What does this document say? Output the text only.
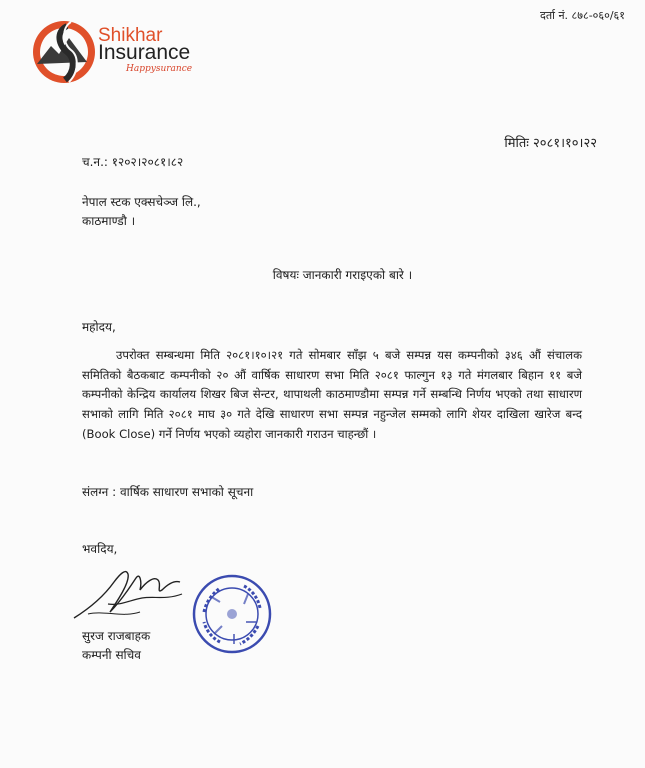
दर्ता नं. ८७८-०६०/६१
Shikhar
Insurance
Happysurance
मितिः २०८१।१०।२२
च.न.: १२०२।२०८१।८२
नेपाल स्टक एक्सचेञ्ज लि.,
काठमाण्डौ ।
विषयः जानकारी गराइएको बारे ।
महोदय,
उपरोक्त सम्बन्धमा मिति २०८१।१०।२१ गते सोमबार साँझ ५ बजे सम्पन्न यस कम्पनीको ३४६ औं संचालक समितिको बैठकबाट कम्पनीको २० औं वार्षिक साधारण सभा मिति २०८१ फाल्गुन १३ गते मंगलबार बिहान ११ बजे कम्पनीको केन्द्रिय कार्यालय शिखर बिज सेन्टर, थापाथली काठमाण्डौमा सम्पन्न गर्ने सम्बन्धि निर्णय भएको तथा साधारण सभाको लागि मिति २०८१ माघ ३० गते देखि साधारण सभा सम्पन्न नहुन्जेल सम्मको लागि शेयर दाखिला खारेज बन्द (Book Close) गर्ने निर्णय भएको व्यहोरा जानकारी गराउन चाहन्छौं ।
संलग्न : वार्षिक साधारण सभाको सूचना
भवदिय,
सुरज राजबाहक
कम्पनी सचिव
